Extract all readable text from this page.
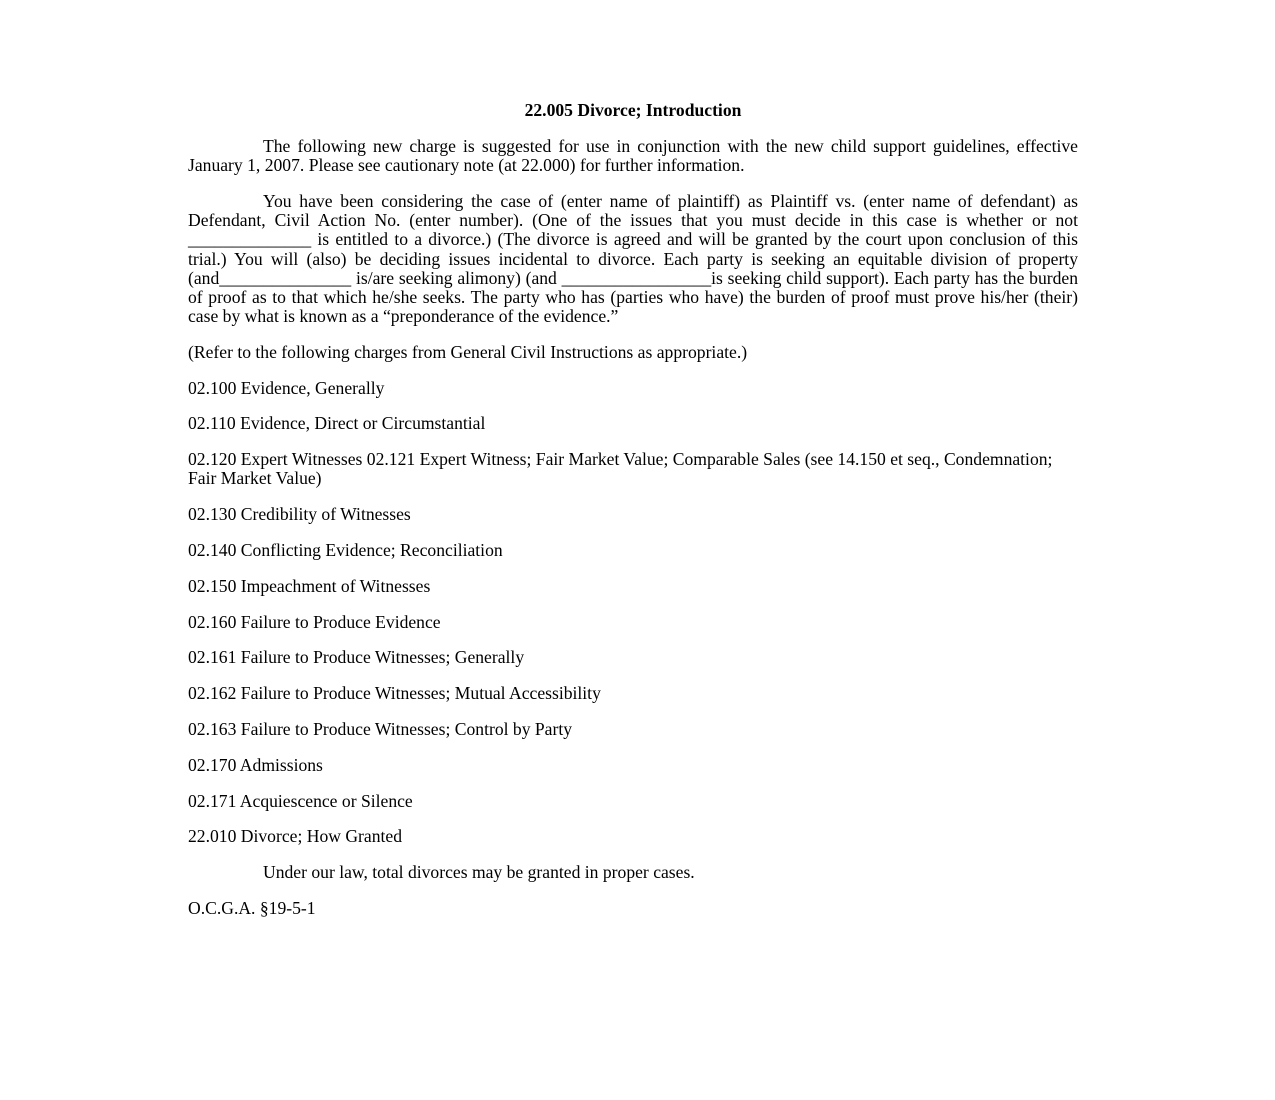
22.005 Divorce; Introduction

The following new charge is suggested for use in conjunction with the new child support guidelines, effective January 1, 2007. Please see cautionary note (at 22.000) for further information.

You have been considering the case of (enter name of plaintiff) as Plaintiff vs. (enter name of defendant) as Defendant, Civil Action No. (enter number). (One of the issues that you must decide in this case is whether or not ______________ is entitled to a divorce.) (The divorce is agreed and will be granted by the court upon conclusion of this trial.) You will (also) be deciding issues incidental to divorce. Each party is seeking an equitable division of property (and_______________ is/are seeking alimony) (and _________________is seeking child support). Each party has the burden of proof as to that which he/she seeks. The party who has (parties who have) the burden of proof must prove his/her (their) case by what is known as a “preponderance of the evidence.”

(Refer to the following charges from General Civil Instructions as appropriate.)

02.100 Evidence, Generally

02.110 Evidence, Direct or Circumstantial

02.120 Expert Witnesses 02.121 Expert Witness; Fair Market Value; Comparable Sales (see 14.150 et seq., Condemnation; Fair Market Value)

02.130 Credibility of Witnesses

02.140 Conflicting Evidence; Reconciliation

02.150 Impeachment of Witnesses

02.160 Failure to Produce Evidence

02.161 Failure to Produce Witnesses; Generally

02.162 Failure to Produce Witnesses; Mutual Accessibility

02.163 Failure to Produce Witnesses; Control by Party

02.170 Admissions

02.171 Acquiescence or Silence

22.010 Divorce; How Granted

Under our law, total divorces may be granted in proper cases.

O.C.G.A. §19-5-1
